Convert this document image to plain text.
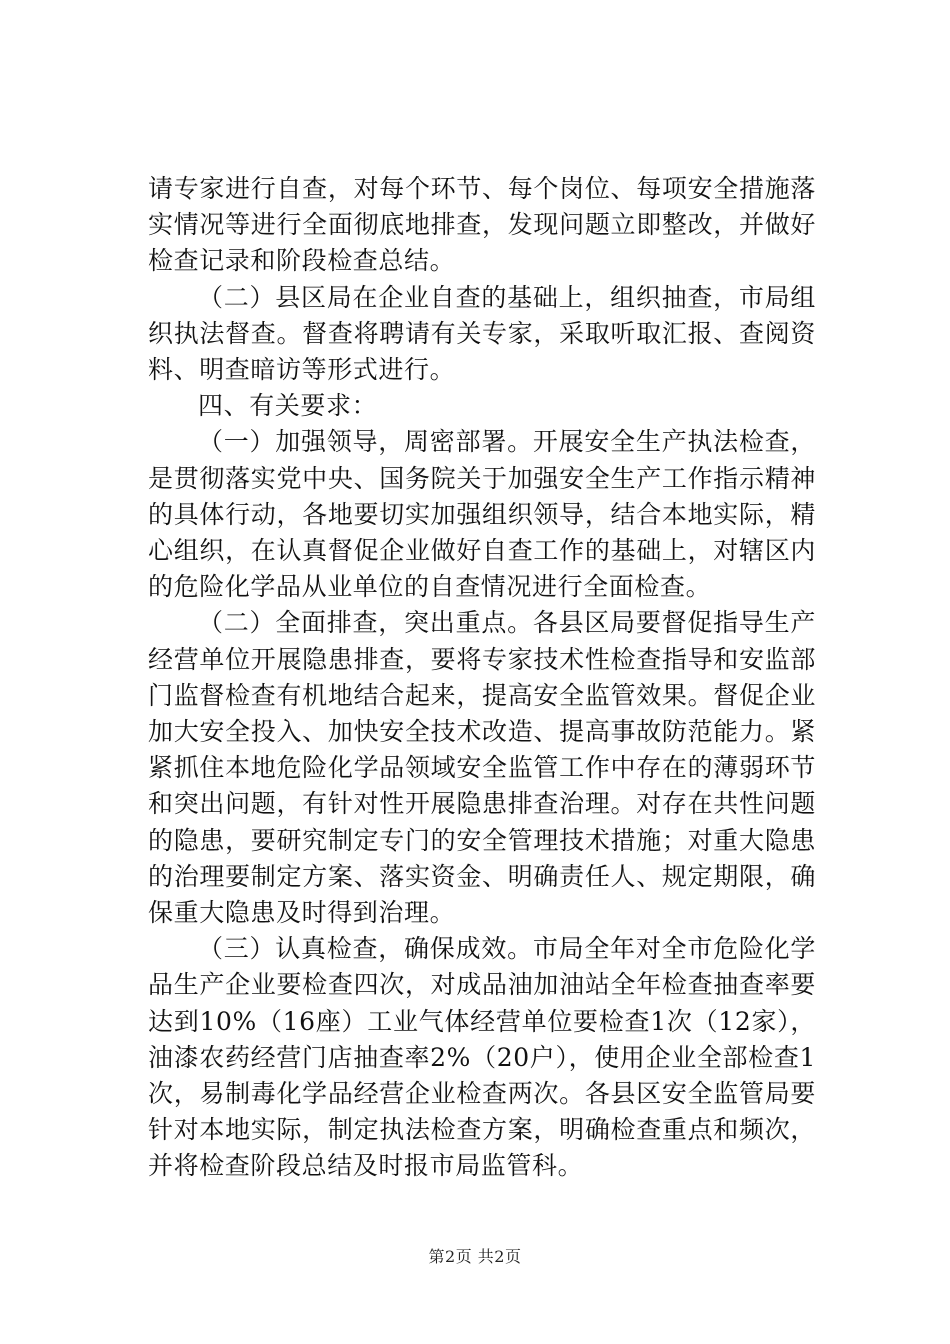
请专家进行自查，对每个环节、每个岗位、每项安全措施落实情况等进行全面彻底地排查，发现问题立即整改，并做好检查记录和阶段检查总结。

（二）县区局在企业自查的基础上，组织抽查，市局组织执法督查。督查将聘请有关专家，采取听取汇报、查阅资料、明查暗访等形式进行。

四、有关要求：

（一）加强领导，周密部署。开展安全生产执法检查，是贯彻落实党中央、国务院关于加强安全生产工作指示精神的具体行动，各地要切实加强组织领导，结合本地实际，精心组织，在认真督促企业做好自查工作的基础上，对辖区内的危险化学品从业单位的自查情况进行全面检查。

（二）全面排查，突出重点。各县区局要督促指导生产经营单位开展隐患排查，要将专家技术性检查指导和安监部门监督检查有机地结合起来，提高安全监管效果。督促企业加大安全投入、加快安全技术改造、提高事故防范能力。紧紧抓住本地危险化学品领域安全监管工作中存在的薄弱环节和突出问题，有针对性开展隐患排查治理。对存在共性问题的隐患，要研究制定专门的安全管理技术措施；对重大隐患的治理要制定方案、落实资金、明确责任人、规定期限，确保重大隐患及时得到治理。

（三）认真检查，确保成效。市局全年对全市危险化学品生产企业要检查四次，对成品油加油站全年检查抽查率要达到10%（16座）工业气体经营单位要检查1次（12家），油漆农药经营门店抽查率2%（20户），使用企业全部检查1次，易制毒化学品经营企业检查两次。各县区安全监管局要针对本地实际，制定执法检查方案，明确检查重点和频次，并将检查阶段总结及时报市局监管科。

第2页 共2页
